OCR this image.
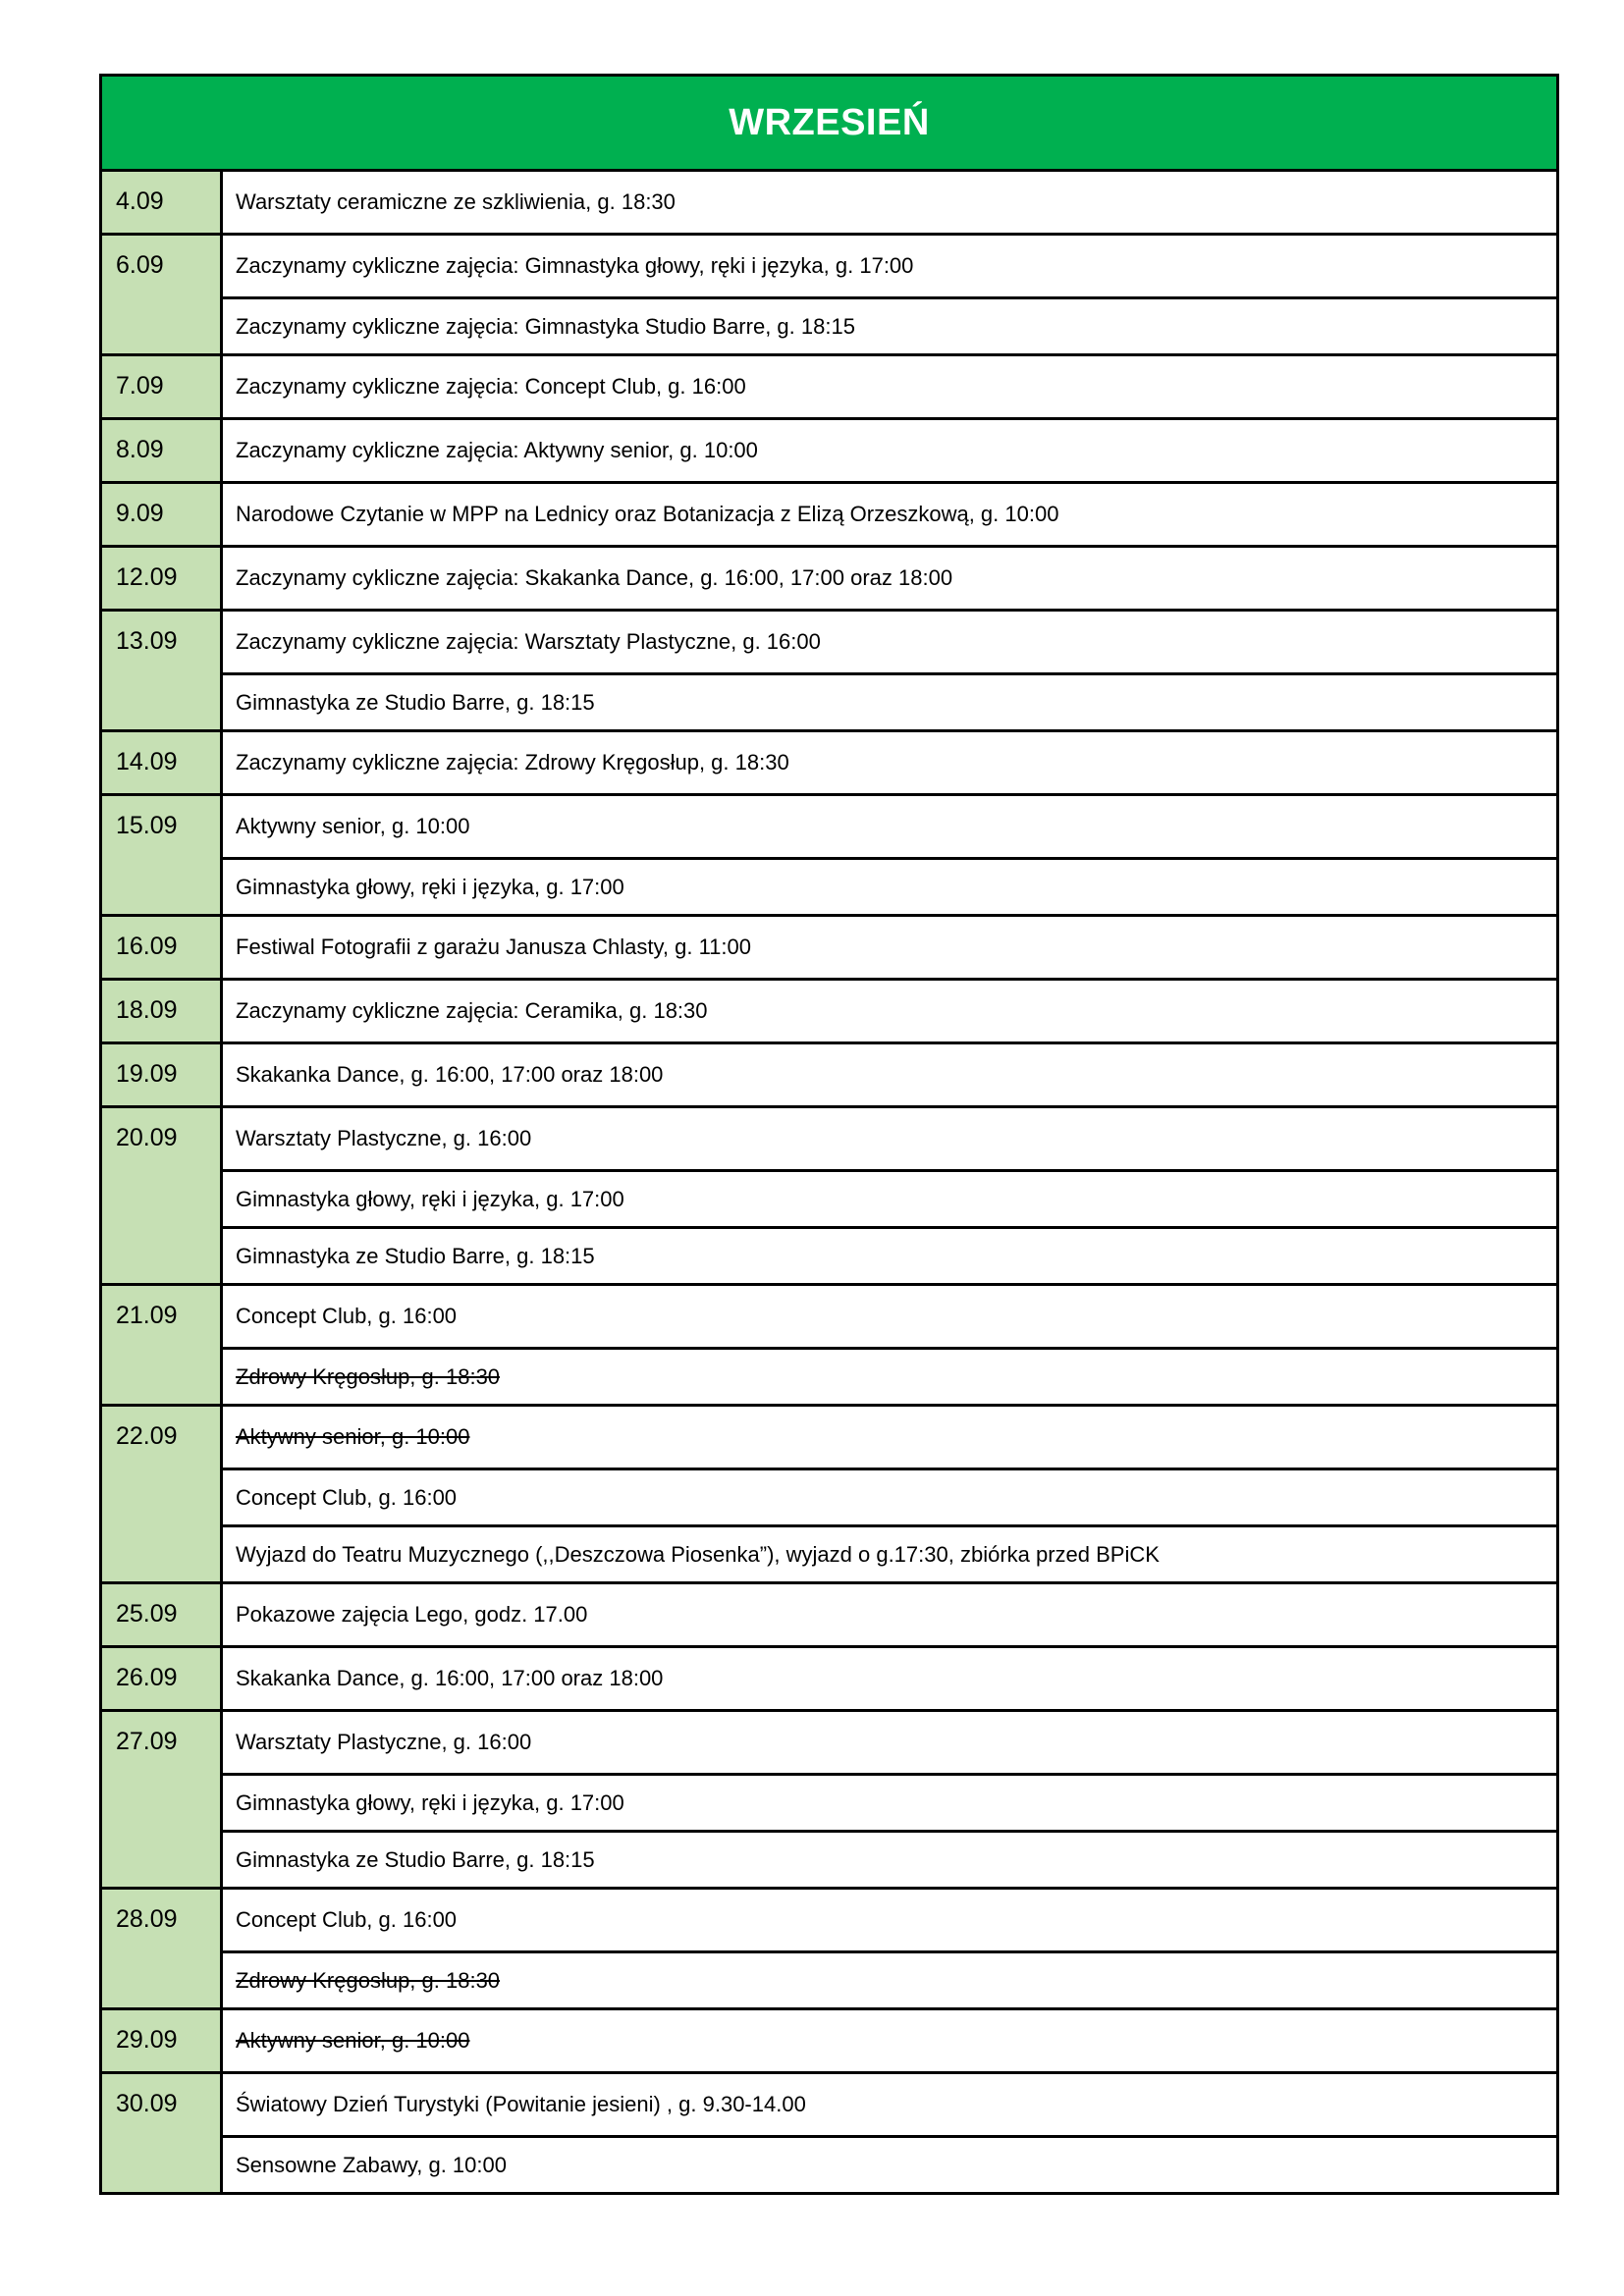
WRZESIEŃ
4.09	Warsztaty ceramiczne ze szkliwienia, g. 18:30
6.09	Zaczynamy cykliczne zajęcia: Gimnastyka głowy, ręki i języka, g. 17:00
Zaczynamy cykliczne zajęcia: Gimnastyka Studio Barre, g. 18:15
7.09	Zaczynamy cykliczne zajęcia: Concept Club, g. 16:00
8.09	Zaczynamy cykliczne zajęcia: Aktywny senior, g. 10:00
9.09	Narodowe Czytanie w MPP na Lednicy oraz Botanizacja z Elizą Orzeszkową, g. 10:00
12.09	Zaczynamy cykliczne zajęcia: Skakanka Dance, g. 16:00, 17:00 oraz 18:00
13.09	Zaczynamy cykliczne zajęcia: Warsztaty Plastyczne, g. 16:00
Gimnastyka ze Studio Barre, g. 18:15
14.09	Zaczynamy cykliczne zajęcia: Zdrowy Kręgosłup, g. 18:30
15.09	Aktywny senior, g. 10:00
Gimnastyka głowy, ręki i języka, g. 17:00
16.09	Festiwal Fotografii z garażu Janusza Chlasty, g. 11:00
18.09	Zaczynamy cykliczne zajęcia: Ceramika, g. 18:30
19.09	Skakanka Dance, g. 16:00, 17:00 oraz 18:00
20.09	Warsztaty Plastyczne, g. 16:00
Gimnastyka głowy, ręki i języka, g. 17:00
Gimnastyka ze Studio Barre, g. 18:15
21.09	Concept Club, g. 16:00
Zdrowy Kręgosłup, g. 18:30
22.09	Aktywny senior, g. 10:00
Concept Club, g. 16:00
Wyjazd do Teatru Muzycznego (,,Deszczowa Piosenka”), wyjazd o g.17:30, zbiórka przed BPiCK
25.09	Pokazowe zajęcia Lego, godz. 17.00
26.09	Skakanka Dance, g. 16:00, 17:00 oraz 18:00
27.09	Warsztaty Plastyczne, g. 16:00
Gimnastyka głowy, ręki i języka, g. 17:00
Gimnastyka ze Studio Barre, g. 18:15
28.09	Concept Club, g. 16:00
Zdrowy Kręgosłup, g. 18:30
29.09	Aktywny senior, g. 10:00
30.09	Światowy Dzień Turystyki (Powitanie jesieni) , g. 9.30-14.00
Sensowne Zabawy, g. 10:00
